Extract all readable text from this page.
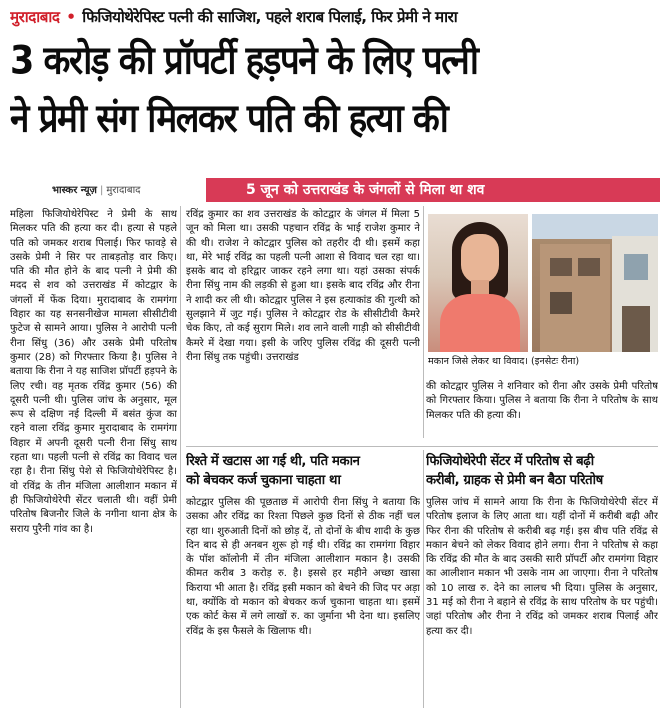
मुरादाबाद • फिजियोथेरेपिस्ट पत्नी की साजिश, पहले शराब पिलाई, फिर प्रेमी ने मारा
3 करोड़ की प्रॉपर्टी हड़पने के लिए पत्नी
ने प्रेमी संग मिलकर पति की हत्या की
भास्कर न्यूज़ | मुरादाबाद	5 जून को उत्तराखंड के जंगलों से मिला था शव

महिला फिजियोथेरेपिस्ट ने प्रेमी के साथ मिलकर पति की हत्या कर दी। हत्या से पहले पति को जमकर शराब पिलाई। फिर फावड़े से उसके प्रेमी ने सिर पर ताबड़तोड़ वार किए। पति की मौत होने के बाद पत्नी ने प्रेमी की मदद से शव को उत्तराखंड में कोटद्वार के जंगलों में फेंक दिया। मुरादाबाद के रामगंगा विहार का यह सनसनीखेज मामला सीसीटीवी फुटेज से सामने आया। पुलिस ने आरोपी पत्नी रीना सिंधु (36) और उसके प्रेमी परितोष कुमार (28) को गिरफ्तार किया है। पुलिस ने बताया कि रीना ने यह साजिश प्रॉपर्टी हड़पने के लिए रची। वह मृतक रविंद्र कुमार (56) की दूसरी पत्नी थी। पुलिस जांच के अनुसार, मूल रूप से दक्षिण नई दिल्ली में बसंत कुंज का रहने वाला रविंद्र कुमार मुरादाबाद के रामगंगा विहार में अपनी दूसरी पत्नी रीना सिंधु साथ रहता था। पहली पत्नी से रविंद्र का विवाद चल रहा है। रीना सिंधु पेशे से फिजियोथेरेपिस्ट है। वो रविंद्र के तीन मंजिला आलीशान मकान में ही फिजियोथेरेपी सेंटर चलाती थी। वहीं प्रेमी परितोष बिजनौर जिले के नगीना थाना क्षेत्र के सराय पुरैनी गांव का है।

रविंद्र कुमार का शव उत्तराखंड के कोटद्वार के जंगल में मिला 5 जून को मिला था। उसकी पहचान रविंद्र के भाई राजेश कुमार ने की थी। राजेश ने कोटद्वार पुलिस को तहरीर दी थी। इसमें कहा था, मेरे भाई रविंद्र का पहली पत्नी आशा से विवाद चल रहा था। इसके बाद वो हरिद्वार जाकर रहने लगा था। यहां उसका संपर्क रीना सिंधु नाम की लड़की से हुआ था। इसके बाद रविंद्र और रीना ने शादी कर ली थी। कोटद्वार पुलिस ने इस हत्याकांड की गुत्थी को सुलझाने में जुट गई। पुलिस ने कोटद्वार रोड के सीसीटीवी कैमरे चेक किए, तो कई सुराग मिले। शव लाने वाली गाड़ी को सीसीटीवी कैमरे में देखा गया। इसी के जरिए पुलिस रविंद्र की दूसरी पत्नी रीना सिंधु तक पहुंची। उत्तराखंड	मकान जिसे लेकर था विवाद। (इनसेटः रीना)

की कोटद्वार पुलिस ने शनिवार को रीना और उसके प्रेमी परितोष को गिरफ्तार किया। पुलिस ने बताया कि रीना ने परितोष के साथ मिलकर पति की हत्या की।

रिश्ते में खटास आ गई थी, पति मकान
को बेचकर कर्ज चुकाना चाहता था

कोटद्वार पुलिस की पूछताछ में आरोपी रीना सिंधु ने बताया कि उसका और रविंद्र का रिश्ता पिछले कुछ दिनों से ठीक नहीं चल रहा था। शुरुआती दिनों को छोड़ दें, तो दोनों के बीच शादी के कुछ दिन बाद से ही अनबन शुरू हो गई थी। रविंद्र का रामगंगा विहार के पॉश कॉलोनी में तीन मंजिला आलीशान मकान है। उसकी कीमत करीब 3 करोड़ रु. है। इससे हर महीने अच्छा खासा किराया भी आता है। रविंद्र इसी मकान को बेचने की जिद पर अड़ा था, क्योंकि वो मकान को बेचकर कर्ज चुकाना चाहता था। इसमें एक कोर्ट केस में लगे लाखों रु. का जुर्माना भी देना था। इसलिए रविंद्र के इस फैसले के खिलाफ थी।

फिजियोथेरेपी सेंटर में परितोष से बढ़ी
करीबी, ग्राहक से प्रेमी बन बैठा परितोष

पुलिस जांच में सामने आया कि रीना के फिजियोथेरेपी सेंटर में परितोष इलाज के लिए आता था। यहीं दोनों में करीबी बढ़ी और फिर रीना की परितोष से करीबी बढ़ गई। इस बीच पति रविंद्र से मकान बेचने को लेकर विवाद होने लगा। रीना ने परितोष से कहा कि रविंद्र की मौत के बाद उसकी सारी प्रॉपर्टी और रामगंगा विहार का आलीशान मकान भी उसके नाम आ जाएगा। रीना ने परितोष को 10 लाख रु. देने का लालच भी दिया। पुलिस के अनुसार, 31 मई को रीना ने बहाने से रविंद्र के साथ परितोष के घर पहुंची। जहां परितोष और रीना ने रविंद्र को जमकर शराब पिलाई और हत्या कर दी।
